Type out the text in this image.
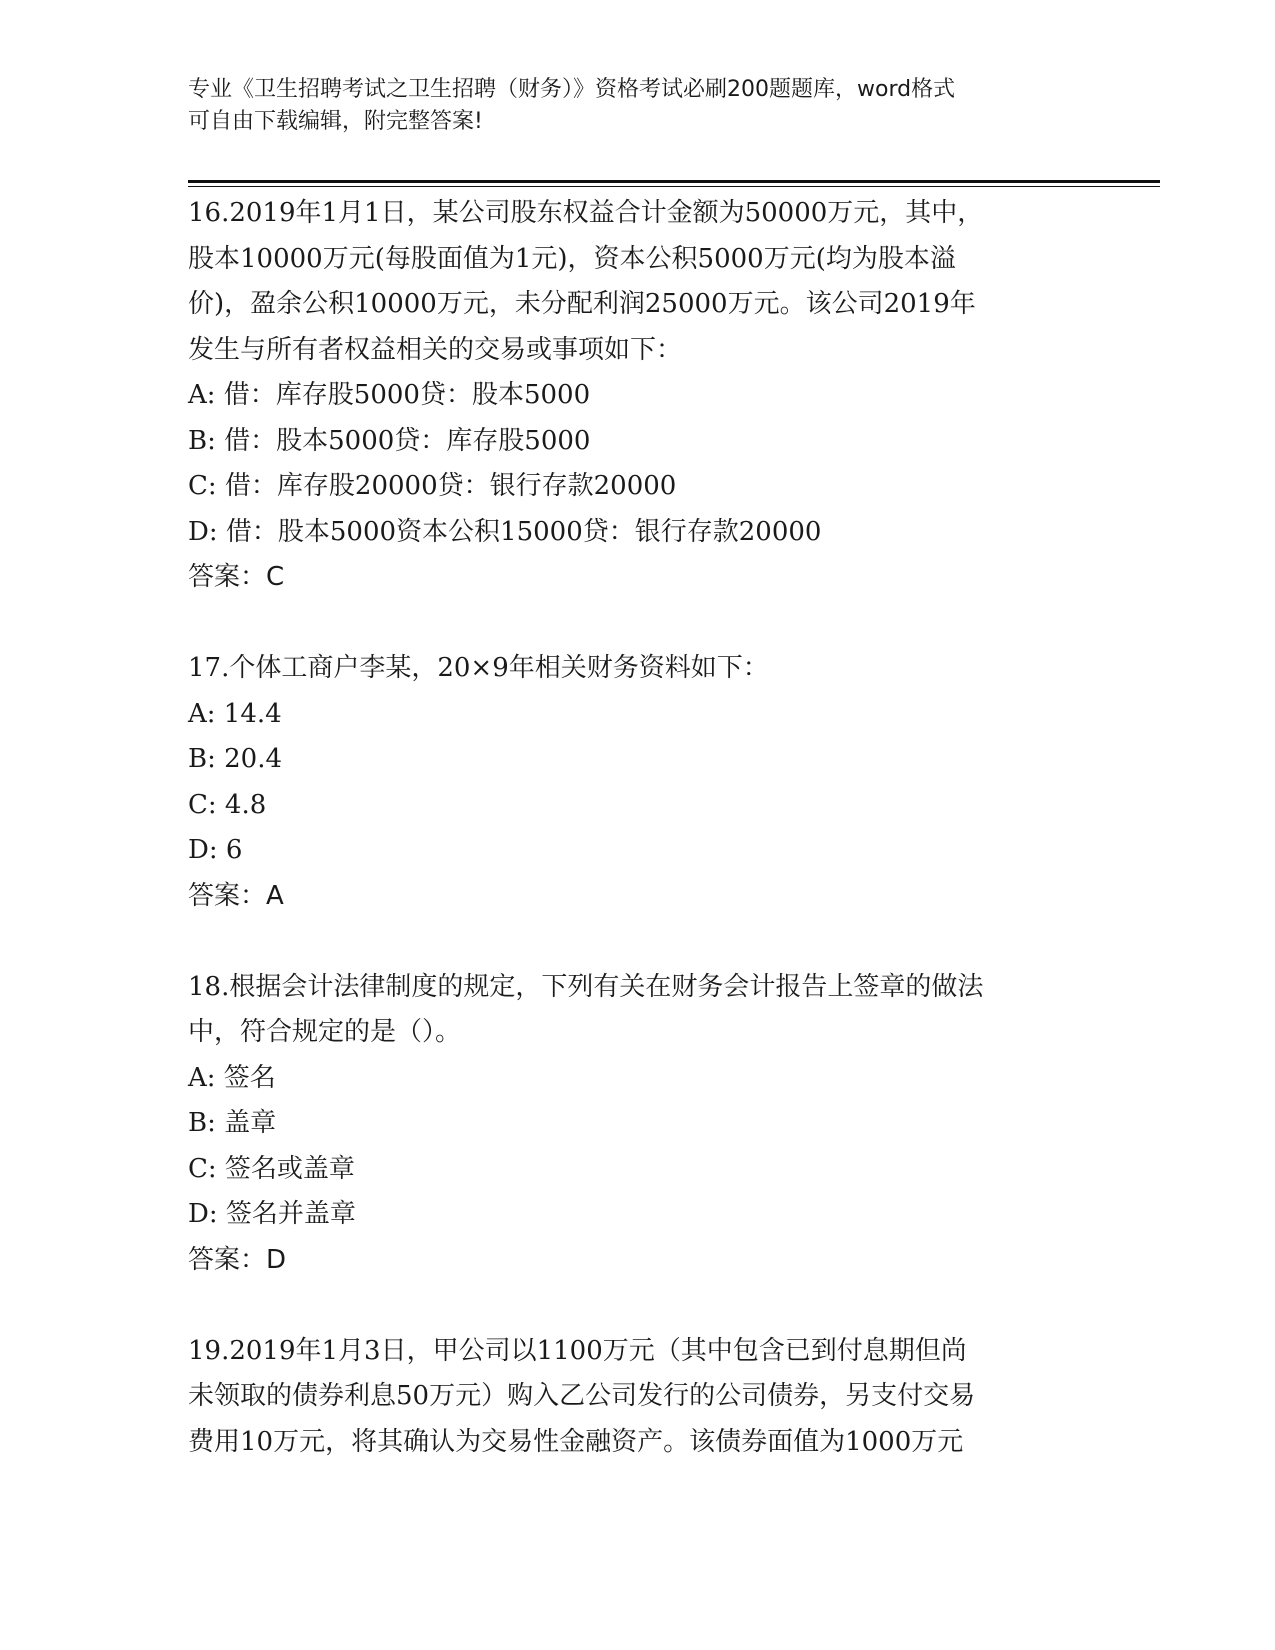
专业《卫生招聘考试之卫生招聘（财务）》资格考试必刷200题题库，word格式
可自由下载编辑，附完整答案!
16.2019年1月1日，某公司股东权益合计金额为50000万元，其中，
股本10000万元(每股面值为1元)，资本公积5000万元(均为股本溢
价)，盈余公积10000万元，未分配利润25000万元。该公司2019年
发生与所有者权益相关的交易或事项如下：
A: 借：库存股5000贷：股本5000
B: 借：股本5000贷：库存股5000
C: 借：库存股20000贷：银行存款20000
D: 借：股本5000资本公积15000贷：银行存款20000
答案：C
17.个体工商户李某，20×9年相关财务资料如下：
A: 14.4
B: 20.4
C: 4.8
D: 6
答案：A
18.根据会计法律制度的规定，下列有关在财务会计报告上签章的做法
中，符合规定的是（）。
A: 签名
B: 盖章
C: 签名或盖章
D: 签名并盖章
答案：D
19.2019年1月3日，甲公司以1100万元（其中包含已到付息期但尚
未领取的债券利息50万元）购入乙公司发行的公司债券，另支付交易
费用10万元，将其确认为交易性金融资产。该债券面值为1000万元
